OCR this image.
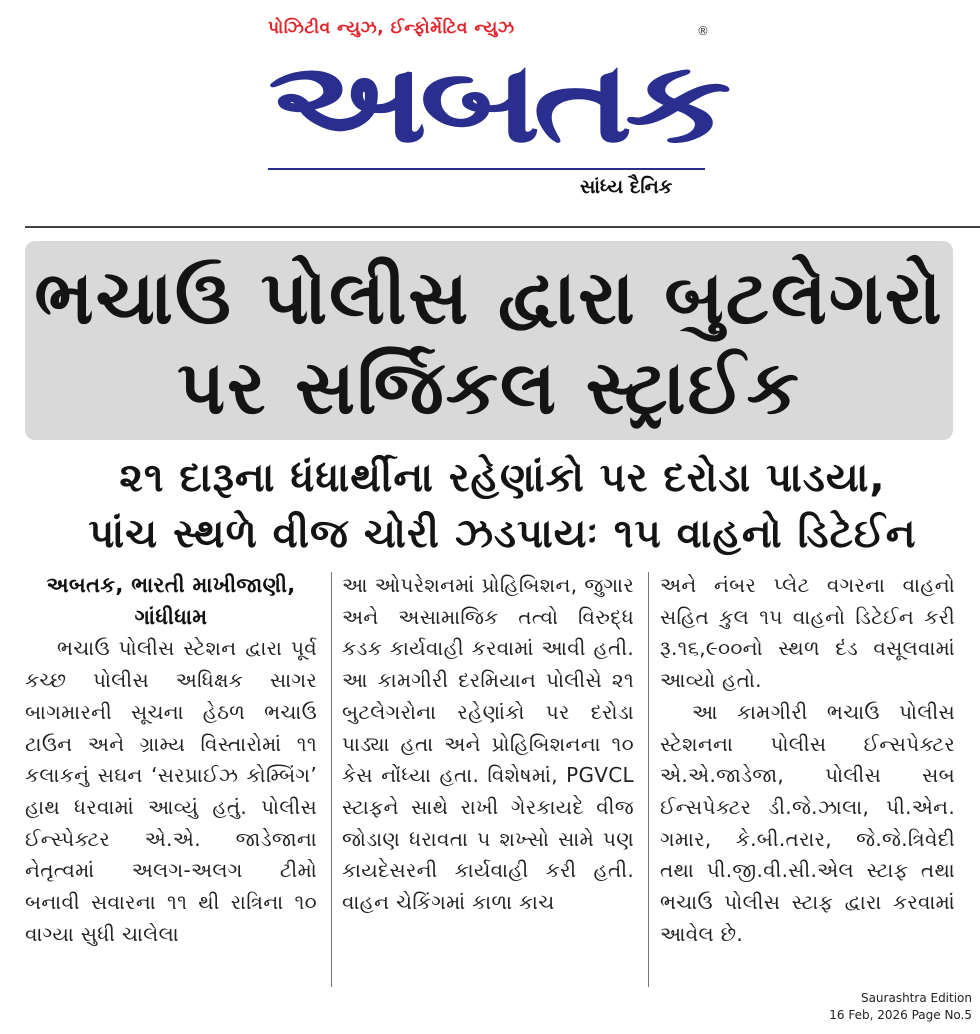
પોઝિટીવ ન્યુઝ, ઈન્ફોર્મેટિવ ન્યુઝ	®
અબતક
સાંધ્ય દૈનિક
ભચાઉ પોલીસ દ્વારા બુટલેગરો
પર સર્જિકલ સ્ટ્રાઈક
૨૧ દારૂના ધંધાર્થીના રહેણાંકો પર દરોડા પાડયા,
પાંચ સ્થળે વીજ ચોરી ઝડપાયઃ ૧૫ વાહનો ડિટેઈન

અબતક, ભારતી માખીજાણી, ગાંધીધામ

ભચાઉ પોલીસ સ્ટેશન દ્વારા પૂર્વ કચ્છ પોલીસ અધિક્ષક સાગર બાગમારની સૂચના હેઠળ ભચાઉ ટાઉન અને ગ્રામ્ય વિસ્તારોમાં ૧૧ કલાકનું સઘન ‘સરપ્રાઈઝ કોમ્બિંગ’ હાથ ધરવામાં આવ્યું હતું. પોલીસ ઈન્સ્પેક્ટર એ.એ. જાડેજાના નેતૃત્વમાં અલગ-અલગ ટીમો બનાવી સવારના ૧૧ થી રાત્રિના ૧૦ વાગ્યા સુધી ચાલેલા

આ ઓપરેશનમાં પ્રોહિબિશન, જુગાર અને અસામાજિક તત્વો વિરુદ્ધ કડક કાર્યવાહી કરવામાં આવી હતી. આ કામગીરી દરમિયાન પોલીસે ૨૧ બુટલેગરોના રહેણાંકો પર દરોડા પાડ્યા હતા અને પ્રોહિબિશનના ૧૦ કેસ નોંધ્યા હતા. વિશેષમાં, PGVCL સ્ટાફને સાથે રાખી ગેરકાયદે વીજ જોડાણ ધરાવતા ૫ શખ્સો સામે પણ કાયદેસરની કાર્યવાહી કરી હતી. વાહન ચેકિંગમાં કાળા કાચ

અને નંબર પ્લેટ વગરના વાહનો સહિત કુલ ૧૫ વાહનો ડિટેઈન કરી રૂ.૧૬,૯૦૦નો સ્થળ દંડ વસૂલવામાં આવ્યો હતો.

આ કામગીરી ભચાઉ પોલીસ સ્ટેશનના પોલીસ ઈન્સપેક્ટર એ.એ.જાડેજા, પોલીસ સબ ઈન્સપેક્ટર ડી.જે.ઝાલા, પી.એન. ગમાર, કે.બી.તરાર, જે.જે.ત્રિવેદી તથા પી.જી.વી.સી.એલ સ્ટાફ તથા ભચાઉ પોલીસ સ્ટાફ દ્વારા કરવામાં આવેલ છે.

Saurashtra Edition
16 Feb, 2026 Page No.5
